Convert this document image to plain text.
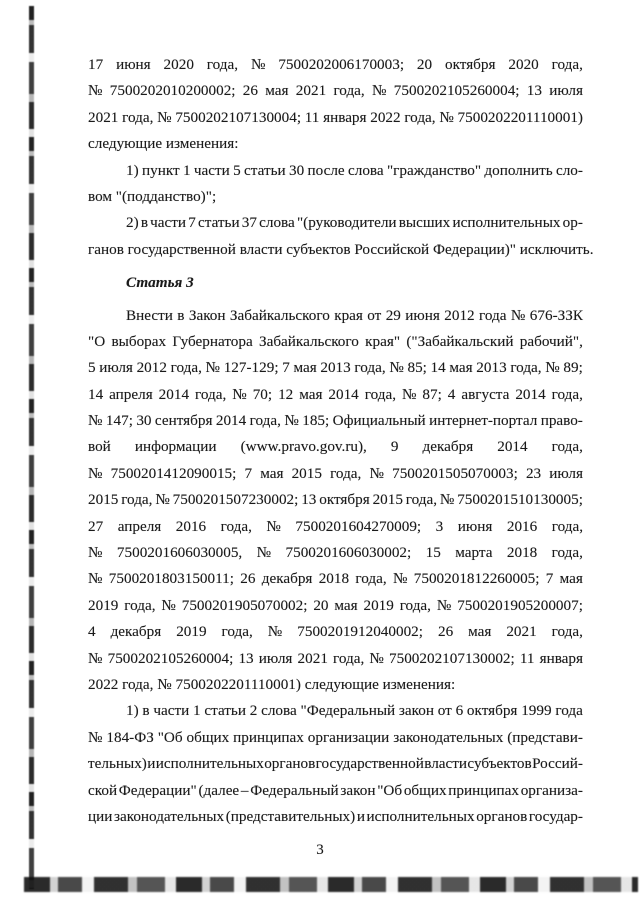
17 июня 2020 года, № 7500202006170003; 20 октября 2020 года,
№ 7500202010200002; 26 мая 2021 года, № 7500202105260004; 13 июля
2021 года, № 7500202107130004; 11 января 2022 года, № 7500202201110001)
следующие изменения:
1) пункт 1 части 5 статьи 30 после слова "гражданство" дополнить сло-
вом "(подданство)";
2) в части 7 статьи 37 слова "(руководители высших исполнительных ор-
ганов государственной власти субъектов Российской Федерации)" исключить.
Статья 3
Внести в Закон Забайкальского края от 29 июня 2012 года № 676-ЗЗК
"О выборах Губернатора Забайкальского края" ("Забайкальский рабочий",
5 июля 2012 года, № 127-129; 7 мая 2013 года, № 85; 14 мая 2013 года, № 89;
14 апреля 2014 года, № 70; 12 мая 2014 года, № 87; 4 августа 2014 года,
№ 147; 30 сентября 2014 года, № 185; Официальный интернет-портал право-
вой информации (www.pravo.gov.ru), 9 декабря 2014 года,
№ 7500201412090015; 7 мая 2015 года, № 7500201505070003; 23 июля
2015 года, № 7500201507230002; 13 октября 2015 года, № 7500201510130005;
27 апреля 2016 года, № 7500201604270009; 3 июня 2016 года,
№ 7500201606030005, № 7500201606030002; 15 марта 2018 года,
№ 7500201803150011; 26 декабря 2018 года, № 7500201812260005; 7 мая
2019 года, № 7500201905070002; 20 мая 2019 года, № 7500201905200007;
4 декабря 2019 года, № 7500201912040002; 26 мая 2021 года,
№ 7500202105260004; 13 июля 2021 года, № 7500202107130002; 11 января
2022 года, № 7500202201110001) следующие изменения:
1) в части 1 статьи 2 слова "Федеральный закон от 6 октября 1999 года
№ 184-ФЗ "Об общих принципах организации законодательных (представи-
тельных) и исполнительных органов государственной власти субъектов Россий-
ской Федерации" (далее – Федеральный закон "Об общих принципах организа-
ции законодательных (представительных) и исполнительных органов государ-
3
